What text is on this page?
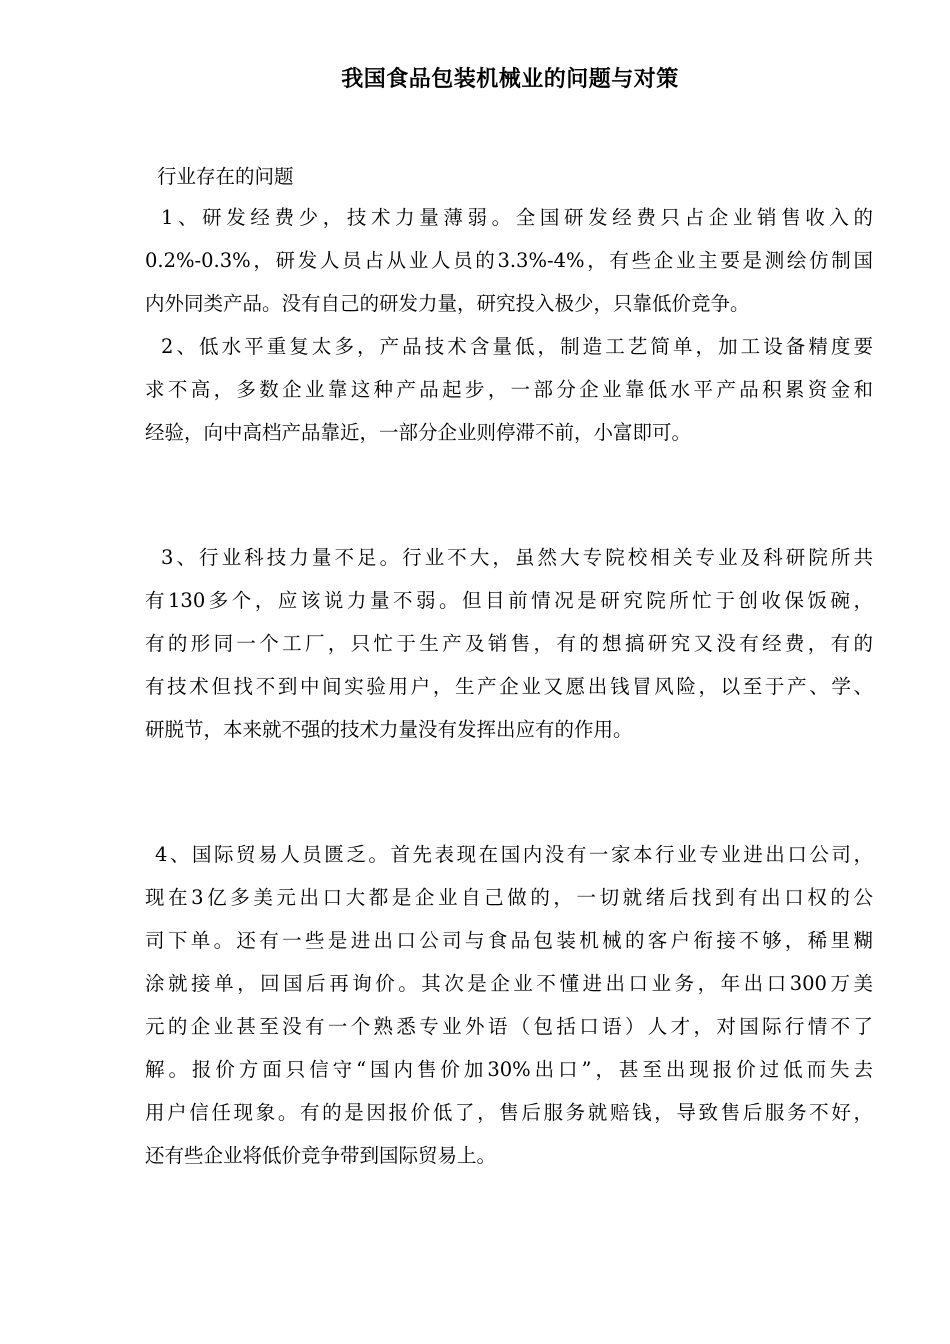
我国食品包装机械业的问题与对策
行业存在的问题
1、研发经费少，技术力量薄弱。全国研发经费只占企业销售收入的
0.2%-0.3%，研发人员占从业人员的3.3%-4%，有些企业主要是测绘仿制国
内外同类产品。没有自己的研发力量，研究投入极少，只靠低价竞争。
2、低水平重复太多，产品技术含量低，制造工艺简单，加工设备精度要
求不高，多数企业靠这种产品起步，一部分企业靠低水平产品积累资金和
经验，向中高档产品靠近，一部分企业则停滞不前，小富即可。
3、行业科技力量不足。行业不大，虽然大专院校相关专业及科研院所共
有130多个，应该说力量不弱。但目前情况是研究院所忙于创收保饭碗，
有的形同一个工厂，只忙于生产及销售，有的想搞研究又没有经费，有的
有技术但找不到中间实验用户，生产企业又愿出钱冒风险，以至于产、学、
研脱节，本来就不强的技术力量没有发挥出应有的作用。
4、国际贸易人员匮乏。首先表现在国内没有一家本行业专业进出口公司，
现在3亿多美元出口大都是企业自己做的，一切就绪后找到有出口权的公
司下单。还有一些是进出口公司与食品包装机械的客户衔接不够，稀里糊
涂就接单，回国后再询价。其次是企业不懂进出口业务，年出口300万美
元的企业甚至没有一个熟悉专业外语（包括口语）人才，对国际行情不了
解。报价方面只信守“国内售价加30%出口”，甚至出现报价过低而失去
用户信任现象。有的是因报价低了，售后服务就赔钱，导致售后服务不好，
还有些企业将低价竞争带到国际贸易上。
